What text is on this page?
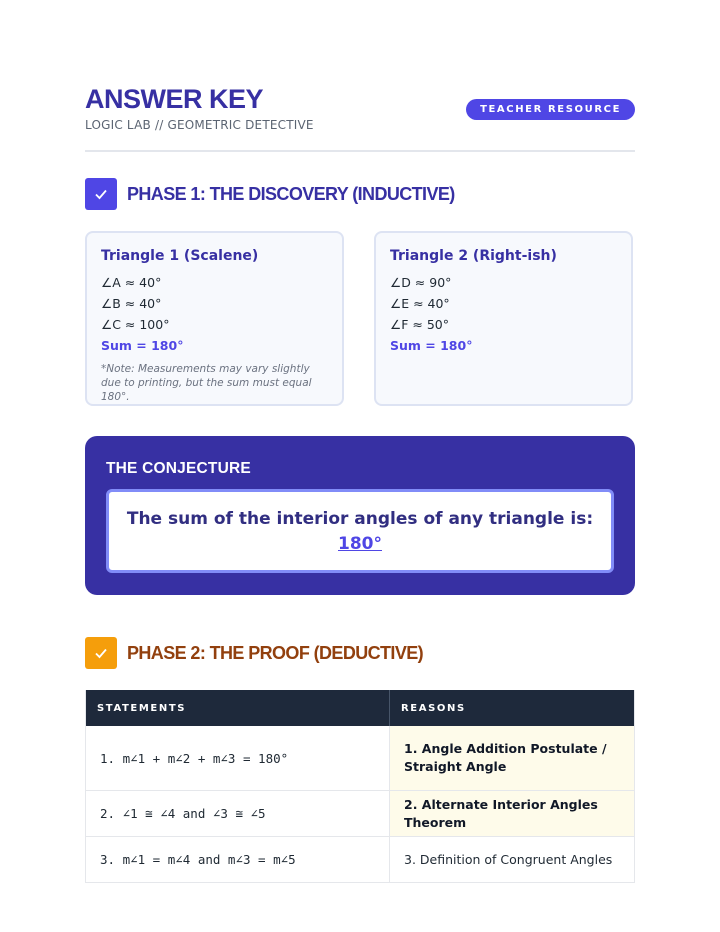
ANSWER KEY
LOGIC LAB // GEOMETRIC DETECTIVE
TEACHER RESOURCE
PHASE 1: THE DISCOVERY (INDUCTIVE)
Triangle 1 (Scalene)
∠A ≈ 40°
∠B ≈ 40°
∠C ≈ 100°
Sum = 180°
*Note: Measurements may vary slightly due to printing, but the sum must equal 180°.
Triangle 2 (Right-ish)
∠D ≈ 90°
∠E ≈ 40°
∠F ≈ 50°
Sum = 180°
THE CONJECTURE
The sum of the interior angles of any triangle is:
180°
PHASE 2: THE PROOF (DEDUCTIVE)
STATEMENTS	REASONS
1. m∠1 + m∠2 + m∠3 = 180°	1. Angle Addition Postulate / Straight Angle
2. ∠1 ≅ ∠4 and ∠3 ≅ ∠5	2. Alternate Interior Angles Theorem
3. m∠1 = m∠4 and m∠3 = m∠5	3. Definition of Congruent Angles
